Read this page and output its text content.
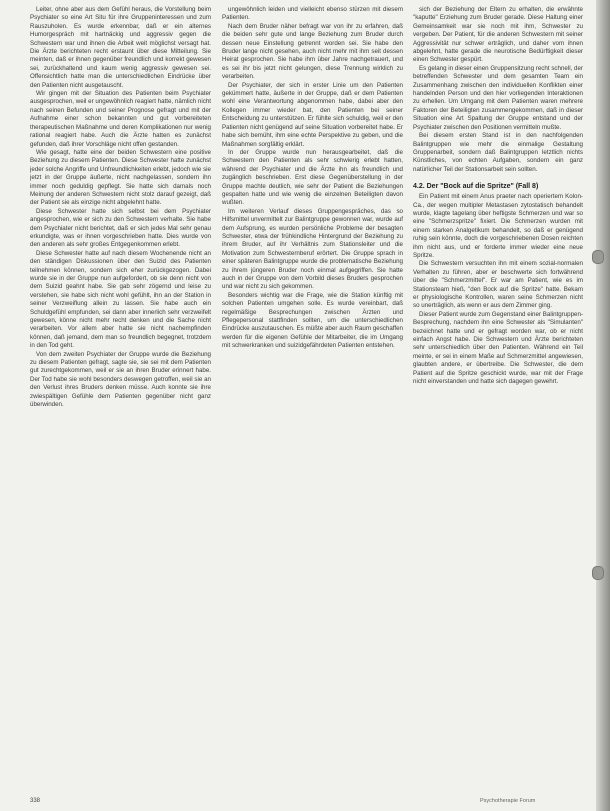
Leiter, ohne aber aus dem Gefühl heraus, die Vorstellung beim Psychiater so eine Art Situ für ihre Gruppeninteressen und zum Rauszuholen. Es wurde erkennbar, daß er ein alternes Humorgespräch mit hartnäckig und aggressiv gegen die Schwestern war und ihnen die Arbeit weit möglichst versagt hat. Die Ärzte berichteten recht erstaunt über diese Mitteilung. Sie meinten, daß er ihnen gegenüber freundlich und korrekt gewesen sei, zurückhaltend und kaum wenig aggressiv gewesen sei. Offensichtlich hatte man die unterschiedlichen Eindrücke über den Patienten nicht ausgetauscht.

Wir gingen mit der Situation des Patienten beim Psychiater ausgesprochen, weil er ungewöhnlich reagiert hatte, nämlich nicht nach seinen Befunden und seiner Prognose gefragt und mit der Aufnahme einer schon bekannten und gut vorbereiteten therapeutischen Maßnahme und deren Komplikationen nur wenig rational reagiert habe. Auch die Ärzte hatten es zunächst gefunden, daß ihrer Vorschläge nicht offen gestanden.

Wie gesagt, hatte eine der beiden Schwestern eine positive Beziehung zu diesem Patienten. Diese Schwester hatte zunächst jeder solche Angriffe und Unfreundlichkeiten erlebt, jedoch wie sie jetzt in der Gruppe äußerte, nicht nachgelassen, sondern ihn immer noch geduldig gepflegt. Sie hatte sich damals noch Meinung der anderen Schwestern nicht stolz darauf gezeigt, daß der Patient sie als einzige nicht abgelehnt hatte.

Diese Schwester hatte sich selbst bei dem Psychiater angesprochen, wie er sich zu den Schwestern verhalte. Sie habe dem Psychiater nicht berichtet, daß er sich jedes Mal sehr genau erkundigte, was er ihnen vorgeschrieben hatte. Dies wurde von den anderen als sehr großes Entgegenkommen erlebt.

Diese Schwester hatte auf nach diesem Wochenende nicht an den ständigen Diskussionen über den Suizid des Patienten teilnehmen können, sondern sich eher zurückgezogen. Dabei wurde sie in der Gruppe nun aufgefordert, ob sie denn nicht von dem Suizid geahnt habe. Sie gab sehr zögernd und leise zu verstehen, sie habe sich nicht wohl gefühlt, ihn an der Station in seiner Verzweiflung allein zu lassen. Sie habe auch ein Schuldgefühl empfunden, sei dann aber innerlich sehr verzweifelt gewesen, könne nicht mehr recht denken und die Sache nicht verarbeiten. Vor allem aber hatte sie nicht nachempfinden können, daß jemand, dem man so freundlich begegnet, trotzdem in den Tod geht.

Von dem zweiten Psychiater der Gruppe wurde die Beziehung zu diesem Patienten gefragt, sagte sie, sie sei mit dem Patienten gut zurechtgekommen, weil er sie an ihren Bruder erinnert habe. Der Tod habe sie wohl besonders deswegen getroffen, weil sie an den Verlust ihres Bruders denken müsse. Auch konnte sie ihre zwiespältigen Gefühle dem Patienten gegenüber nicht ganz überwinden.

ungewöhnlich leiden und vielleicht ebenso stürzen mit diesem Patienten.

Nach dem Bruder näher befragt war von ihr zu erfahren, daß die beiden sehr gute und lange Beziehung zum Bruder durch dessen neue Einstellung getrennt worden sei. Sie habe den Bruder lange nicht gesehen, auch nicht mehr mit ihm seit dessen Heirat gesprochen. Sie habe ihm über Jahre nachgetrauert, und es sei ihr bis jetzt nicht gelungen, diese Trennung wirklich zu verarbeiten.

Der Psychiater, der sich in erster Linie um den Patienten gekümmert hatte, äußerte in der Gruppe, daß er dem Patienten wohl eine Verantwortung abgenommen habe, dabei aber den Kollegen immer wieder bat, den Patienten bei seiner Entscheidung zu unterstützen. Er fühlte sich schuldig, weil er den Patienten nicht genügend auf seine Situation vorbereitet habe. Er habe sich bemüht, ihm eine echte Perspektive zu geben, und die Maßnahmen sorgfältig erklärt.

In der Gruppe wurde nun herausgearbeitet, daß die Schwestern den Patienten als sehr schwierig erlebt hatten, während der Psychiater und die Ärzte ihn als freundlich und zugänglich beschrieben. Erst diese Gegenüberstellung in der Gruppe machte deutlich, wie sehr der Patient die Beziehungen gespalten hatte und wie wenig die einzelnen Beteiligten davon wußten.

Im weiteren Verlauf dieses Gruppengespräches, das so Hilfsmittel unvermittelt zur Balintgruppe gewonnen war, wurde auf dem Aufsprung, es wurden persönliche Probleme der besagten Schwester, etwa der frühkindliche Hintergrund der Beziehung zu ihrem Bruder, auf ihr Verhältnis zum Stationsleiter und die Motivation zum Schwesternberuf erörtert. Die Gruppe sprach in einer späteren Balintgruppe wurde die problematische Beziehung zu ihrem jüngeren Bruder noch einmal aufgegriffen. Sie hatte auch in der Gruppe von dem Vorbild dieses Bruders gesprochen und war nicht zu sich gekommen.

Besonders wichtig war die Frage, wie die Station künftig mit solchen Patienten umgehen solle. Es wurde vereinbart, daß regelmäßige Besprechungen zwischen Ärzten und Pflegepersonal stattfinden sollten, um die unterschiedlichen Eindrücke auszutauschen. Es müßte aber auch Raum geschaffen werden für die eigenen Gefühle der Mitarbeiter, die im Umgang mit schwerkranken und suizidgefährdeten Patienten entstehen.

sich der Beziehung der Eltern zu erhalten, die erwähnte "kaputte" Erziehung zum Bruder gerade. Diese Haltung einer Gemeinsamkeit war sie noch mit ihm, Schwester zu vergeben. Der Patient, für die anderen Schwestern mit seiner Aggressivität nur schwer erträglich, und daher vom ihnen abgelehnt, hatte gerade die neurotische Bedürftigkeit dieser einen Schwester gespürt.

Es gelang in dieser einen Gruppensitzung recht schnell, der betreffenden Schwester und dem gesamten Team ein Zusammenhang zwischen den individuellen Konflikten einer handelnden Person und den hier vorliegenden Interaktionen zu erhellen. Um Umgang mit dem Patienten waren mehrere Faktoren der Beteiligten zusammengekommen, daß in dieser Situation eine Art Spaltung der Gruppe entstand und der Psychiater zwischen den Positionen vermitteln mußte.

Bei diesem ersten Stand ist in den nachfolgenden Balintgruppen wie mehr die einmalige Gestaltung Gruppenarbeit, sondern daß Balintgruppen letztlich nichts Künstliches, von echten Aufgaben, sondern ein ganz natürlicher Teil der Stationsarbeit sein sollten.

4.2. Der "Bock auf die Spritze" (Fall 8)

Ein Patient mit einem Anus praeter nach operiertem Kolon-Ca., der wegen multipler Metastasen zytostatisch behandelt wurde, klagte tagelang über heftigste Schmerzen und war so eine "Schmerzspritze" fixiert. Die Schmerzen wurden mit einem starken Analgetikum behandelt, so daß er genügend ruhig sein könnte, doch die vorgeschriebenen Dosen reichten ihm nicht aus, und er forderte immer wieder eine neue Spritze.

Die Schwestern versuchten ihn mit einem sozial-normalen Verhalten zu führen, aber er beschwerte sich fortwährend über die "Schmerzmittel". Er war am Patient, wie es im Stationsteam hieß, "den Bock auf die Spritze" hatte. Bekam er physiologische Kontrollen, waren seine Schmerzen nicht so unerträglich, als wenn er aus dem Zimmer ging.

Dieser Patient wurde zum Gegenstand einer Balintgruppen-Besprechung, nachdem ihn eine Schwester als "Simulanten" bezeichnet hatte und er gefragt worden war, ob er nicht einfach Angst habe. Die Schwestern und Ärzte berichteten sehr unterschiedlich über den Patienten. Während ein Teil meinte, er sei in einem Maße auf Schmerzmittel angewiesen, glaubten andere, er übertreibe. Die Schwester, die dem Patient auf die Spritze geschickt wurde, war mit der Frage nicht einverstanden und hatte sich dagegen gewehrt.

338	Psychotherapie Forum
